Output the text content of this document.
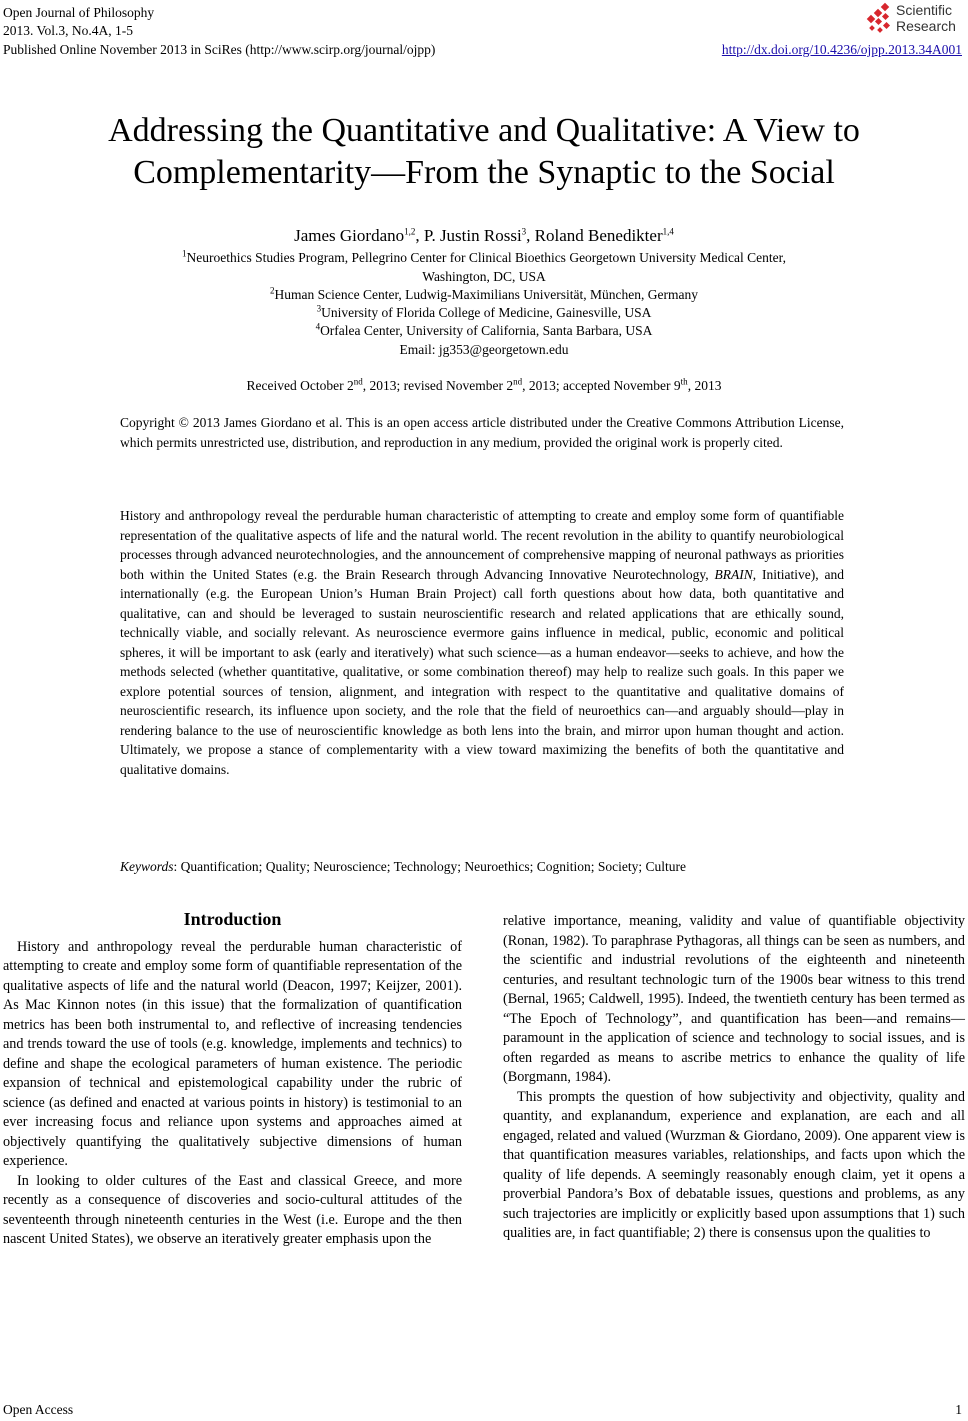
Open Journal of Philosophy
2013. Vol.3, No.4A, 1-5
Published Online November 2013 in SciRes (http://www.scirp.org/journal/ojpp)	http://dx.doi.org/10.4236/ojpp.2013.34A001
Scientific
Research
Addressing the Quantitative and Qualitative: A View to
Complementarity—From the Synaptic to the Social
James Giordano$^{1,2}$, P. Justin Rossi$^3$, Roland Benedikter$^{1,4}$
$^1$Neuroethics Studies Program, Pellegrino Center for Clinical Bioethics Georgetown University Medical Center,
Washington, DC, USA
$^2$Human Science Center, Ludwig-Maximilians Universität, München, Germany
$^3$University of Florida College of Medicine, Gainesville, USA
$^4$Orfalea Center, University of California, Santa Barbara, USA
Email: jg353@georgetown.edu
Received October 2nd, 2013; revised November 2nd, 2013; accepted November 9th, 2013
Copyright © 2013 James Giordano et al. This is an open access article distributed under the Creative Commons Attribution License, which permits unrestricted use, distribution, and reproduction in any medium, provided the original work is properly cited.
History and anthropology reveal the perdurable human characteristic of attempting to create and employ some form of quantifiable representation of the qualitative aspects of life and the natural world. The recent revolution in the ability to quantify neurobiological processes through advanced neurotechnologies, and the announcement of comprehensive mapping of neuronal pathways as priorities both within the United States (e.g. the Brain Research through Advancing Innovative Neurotechnology, BRAIN, Initiative), and internationally (e.g. the European Union’s Human Brain Project) call forth questions about how data, both quantitative and qualitative, can and should be leveraged to sustain neuroscientific research and related applications that are ethically sound, technically viable, and socially relevant. As neuroscience evermore gains influence in medical, public, economic and political spheres, it will be important to ask (early and iteratively) what such science—as a human endeavor—seeks to achieve, and how the methods selected (whether quantitative, qualitative, or some combination thereof) may help to realize such goals. In this paper we explore potential sources of tension, alignment, and integration with respect to the quantitative and qualitative domains of neuroscientific research, its influence upon society, and the role that the field of neuroethics can—and arguably should—play in rendering balance to the use of neuroscientific knowledge as both lens into the brain, and mirror upon human thought and action. Ultimately, we propose a stance of complementarity with a view toward maximizing the benefits of both the quantitative and qualitative domains.
Keywords: Quantification; Quality; Neuroscience; Technology; Neuroethics; Cognition; Society; Culture
Introduction

History and anthropology reveal the perdurable human characteristic of attempting to create and employ some form of quantifiable representation of the qualitative aspects of life and the natural world (Deacon, 1997; Keijzer, 2001). As Mac Kinnon notes (in this issue) that the formalization of quantification metrics has been both instrumental to, and reflective of increasing tendencies and trends toward the use of tools (e.g. knowledge, implements and technics) to define and shape the ecological parameters of human existence. The periodic expansion of technical and epistemological capability under the rubric of science (as defined and enacted at various points in history) is testimonial to an ever increasing focus and reliance upon systems and approaches aimed at objectively quantifying the qualitatively subjective dimensions of human experience.

In looking to older cultures of the East and classical Greece, and more recently as a consequence of discoveries and socio-cultural attitudes of the seventeenth through nineteenth centuries in the West (i.e. Europe and the then nascent United States), we observe an iteratively greater emphasis upon the

relative importance, meaning, validity and value of quantifiable objectivity (Ronan, 1982). To paraphrase Pythagoras, all things can be seen as numbers, and the scientific and industrial revolutions of the eighteenth and nineteenth centuries, and resultant technologic turn of the 1900s bear witness to this trend (Bernal, 1965; Caldwell, 1995). Indeed, the twentieth century has been termed as “The Epoch of Technology”, and quantification has been—and remains—paramount in the application of science and technology to social issues, and is often regarded as means to ascribe metrics to enhance the quality of life (Borgmann, 1984).

This prompts the question of how subjectivity and objectivity, quality and quantity, and explanandum, experience and explanation, are each and all engaged, related and valued (Wurzman & Giordano, 2009). One apparent view is that quantification measures variables, relationships, and facts upon which the quality of life depends. A seemingly reasonably enough claim, yet it opens a proverbial Pandora’s Box of debatable issues, questions and problems, as any such trajectories are implicitly or explicitly based upon assumptions that 1) such qualities are, in fact quantifiable; 2) there is consensus upon the qualities to

Open Access	1
